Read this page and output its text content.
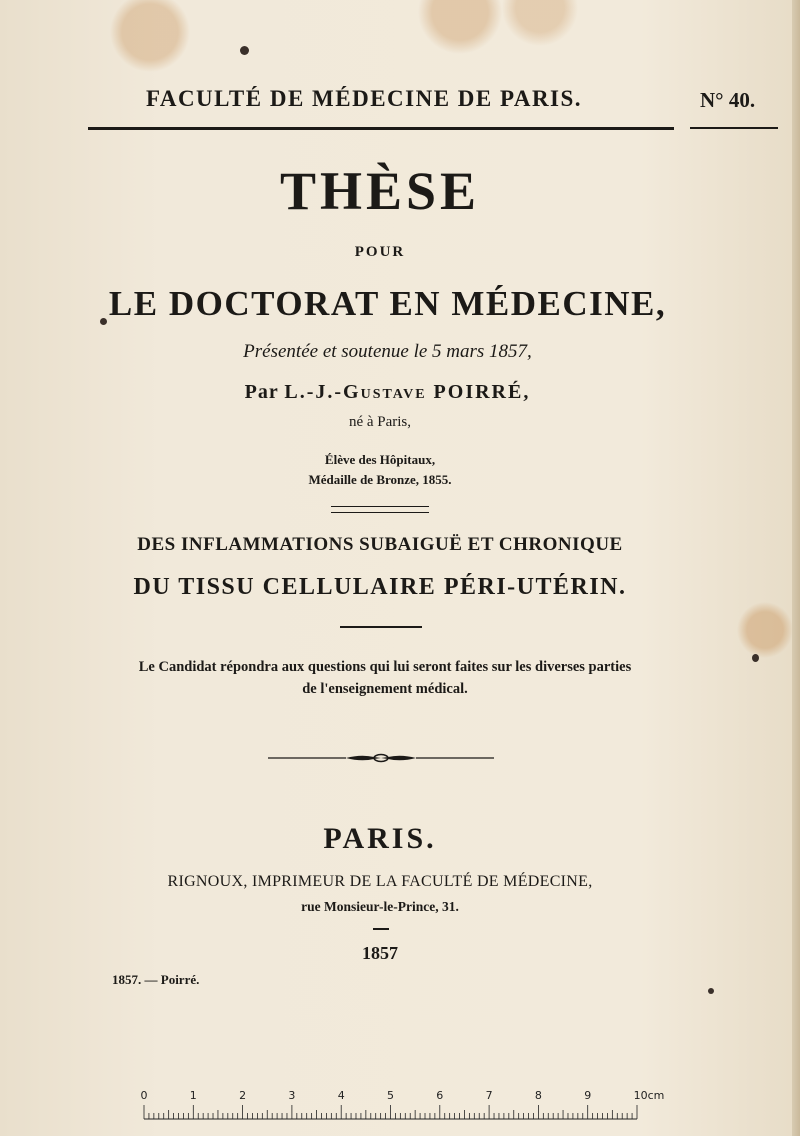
FACULTÉ DE MÉDECINE DE PARIS.	N° 40.
THÈSE
POUR
LE DOCTORAT EN MÉDECINE,
Présentée et soutenue le 5 mars 1857,
Par L.-J.-Gustave POIRRÉ,
né à Paris,
Élève des Hôpitaux,
Médaille de Bronze, 1855.
DES INFLAMMATIONS SUBAIGUË ET CHRONIQUE
DU TISSU CELLULAIRE PÉRI-UTÉRIN.
Le Candidat répondra aux questions qui lui seront faites sur les diverses parties
de l'enseignement médical.
PARIS.
RIGNOUX, IMPRIMEUR DE LA FACULTÉ DE MÉDECINE,
rue Monsieur-le-Prince, 31.
1857
1857. — Poirré.
0	1	2	3	4	5	6	7	8	9	10cm
